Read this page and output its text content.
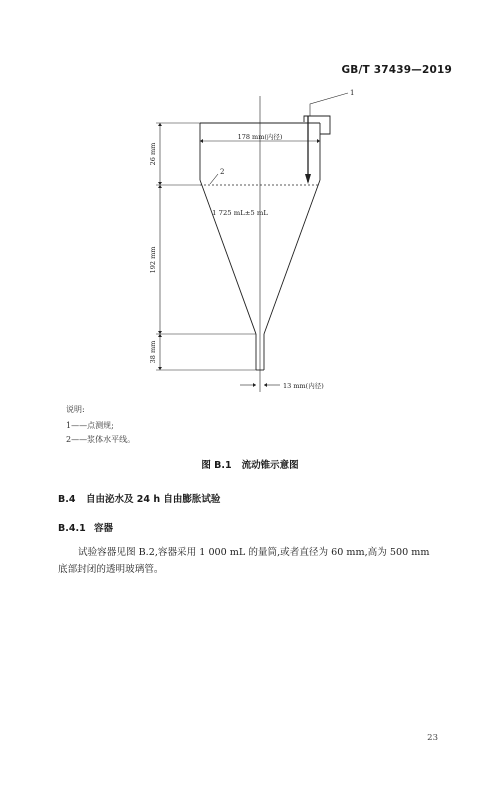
GB/T 37439—2019
1
2
178 mm(内径)
1 725 mL±5 mL
13 mm(内径)
26 mm
192 mm
38 mm
说明:
1——点测规;
2——浆体水平线。
图 B.1 流动锥示意图
B.4 自由泌水及 24 h 自由膨胀试验
B.4.1 容器
试验容器见图 B.2,容器采用 1 000 mL 的量筒,或者直径为 60 mm,高为 500 mm 底部封闭的透明玻璃管。
23
